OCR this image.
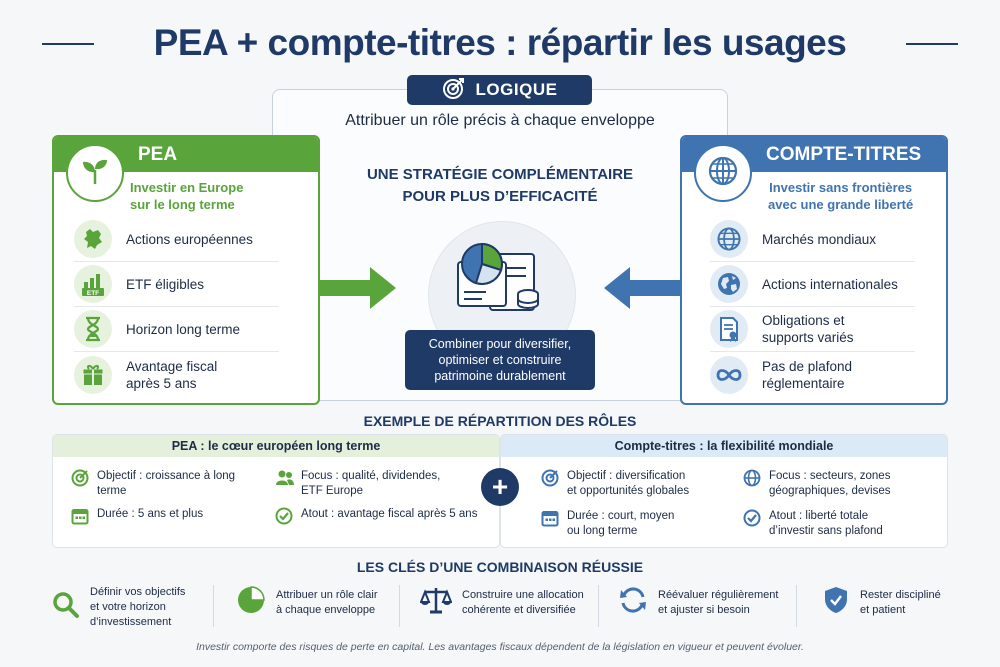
PEA + compte-titres : répartir les usages
LOGIQUE
Attribuer un rôle précis à chaque enveloppe
UNE STRATÉGIE COMPLÉMENTAIRE
POUR PLUS D’EFFICACITÉ
Combiner pour diversifier,
optimiser et construire
patrimoine durablement
PEA
Investir en Europe
sur le long terme
Actions européennes
ETF
ETF éligibles
Horizon long terme
Avantage fiscal
après 5 ans
COMPTE-TITRES
Investir sans frontières
avec une grande liberté
Marchés mondiaux
Actions internationales
Obligations et
supports variés
Pas de plafond
réglementaire
EXEMPLE DE RÉPARTITION DES RÔLES
PEA : le cœur européen long terme
Objectif : croissance à long
terme
Focus : qualité, dividendes,
ETF Europe
Durée : 5 ans et plus	Atout : avantage fiscal après 5 ans
Compte-titres : la flexibilité mondiale
Objectif : diversification
et opportunités globales
Focus : secteurs, zones
géographiques, devises
Durée : court, moyen
ou long terme
Atout : liberté totale
d’investir sans plafond
+
LES CLÉS D’UNE COMBINAISON RÉUSSIE
Définir vos objectifs
et votre horizon
d’investissement
Attribuer un rôle clair
à chaque enveloppe
Construire une allocation
cohérente et diversifiée
Réévaluer régulièrement
et ajuster si besoin
Rester discipliné
et patient
Investir comporte des risques de perte en capital. Les avantages fiscaux dépendent de la législation en vigueur et peuvent évoluer.
